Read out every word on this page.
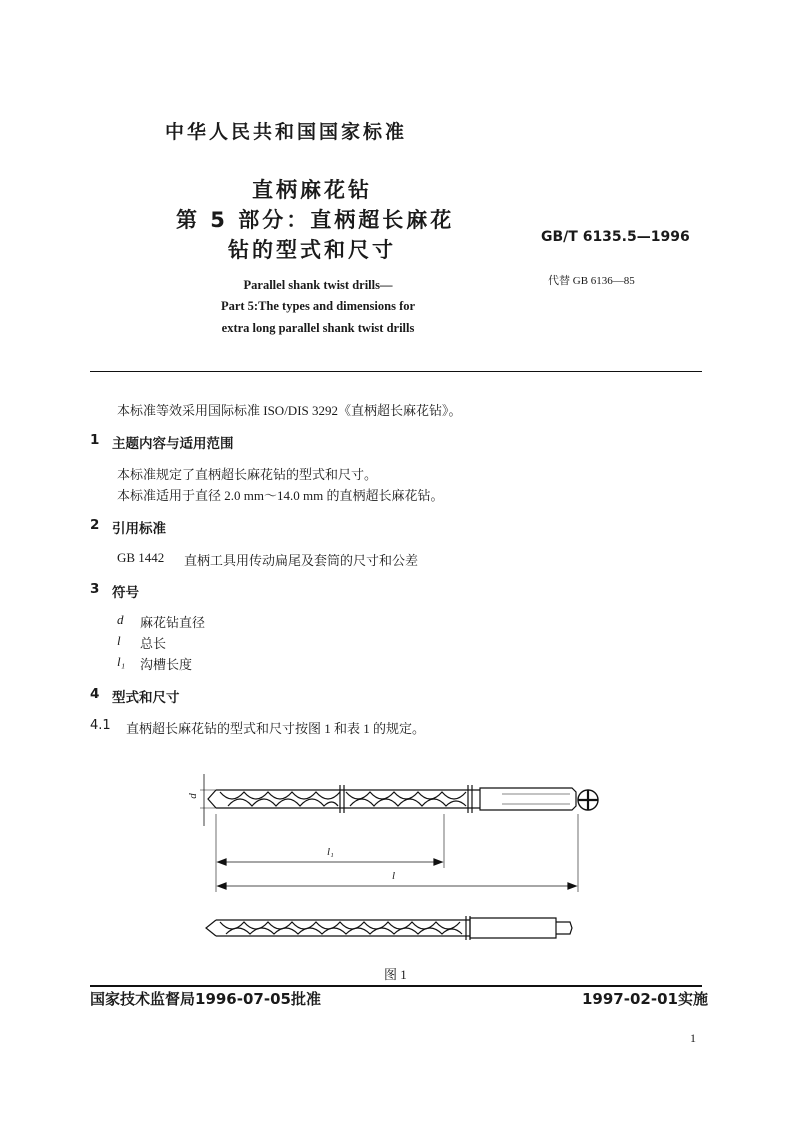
中华人民共和国国家标准
直柄麻花钻
第 5 部分：直柄超长麻花
钻的型式和尺寸
GB/T 6135.5—1996
代替 GB 6136—85
Parallel shank twist drills—
Part 5:The types and dimensions for
extra long parallel shank twist drills
本标准等效采用国际标准 ISO/DIS 3292《直柄超长麻花钻》。
1 主题内容与适用范围
本标准规定了直柄超长麻花钻的型式和尺寸。
本标准适用于直径 2.0 mm～14.0 mm 的直柄超长麻花钻。
2 引用标准
GB 1442 直柄工具用传动扁尾及套筒的尺寸和公差
3 符号
d 麻花钻直径
l 总长
l₁ 沟槽长度
4 型式和尺寸
4.1 直柄超长麻花钻的型式和尺寸按图 1 和表 1 的规定。
d
l₁
l
图 1
国家技术监督局1996-07-05批准	1997-02-01实施
1
